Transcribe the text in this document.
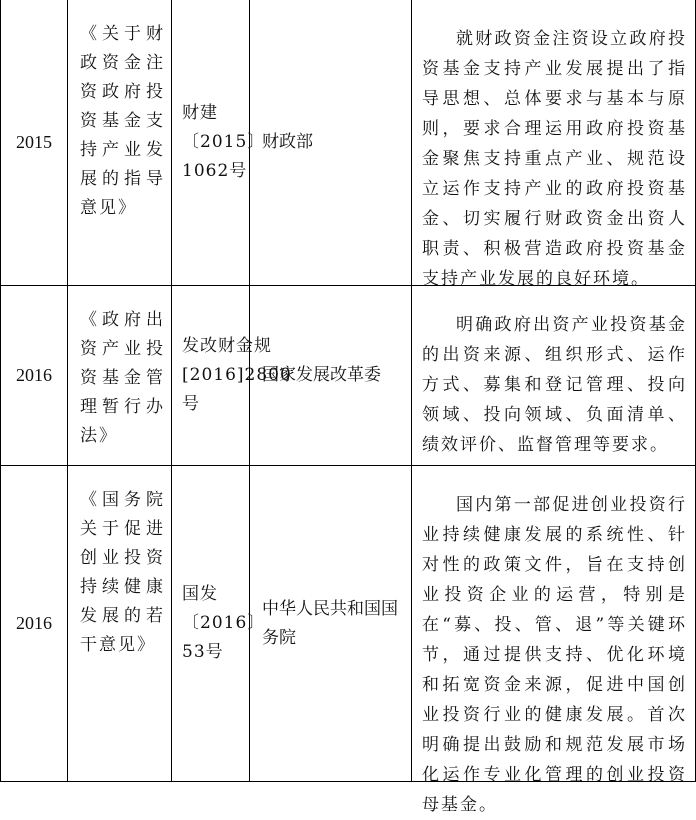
2015
《关于财政资金注资政府投资基金支持产业发展的指导意见》
财建〔2015〕1062号
财政部
就财政资金注资设立政府投资基金支持产业发展提出了指导思想、总体要求与基本与原则，要求合理运用政府投资基金聚焦支持重点产业、规范设立运作支持产业的政府投资基金、切实履行财政资金出资人职责、积极营造政府投资基金支持产业发展的良好环境。
2016
《政府出资产业投资基金管理暂行办法》
发改财金规[2016]2800号
国家发展改革委
明确政府出资产业投资基金的出资来源、组织形式、运作方式、募集和登记管理、投向领域、投向领域、负面清单、绩效评价、监督管理等要求。
2016
《国务院关于促进创业投资持续健康发展的若干意见》
国发〔2016〕53号
中华人民共和国国务院
国内第一部促进创业投资行业持续健康发展的系统性、针对性的政策文件，旨在支持创业投资企业的运营，特别是在“募、投、管、退”等关键环节，通过提供支持、优化环境和拓宽资金来源，促进中国创业投资行业的健康发展。首次明确提出鼓励和规范发展市场化运作专业化管理的创业投资母基金。
